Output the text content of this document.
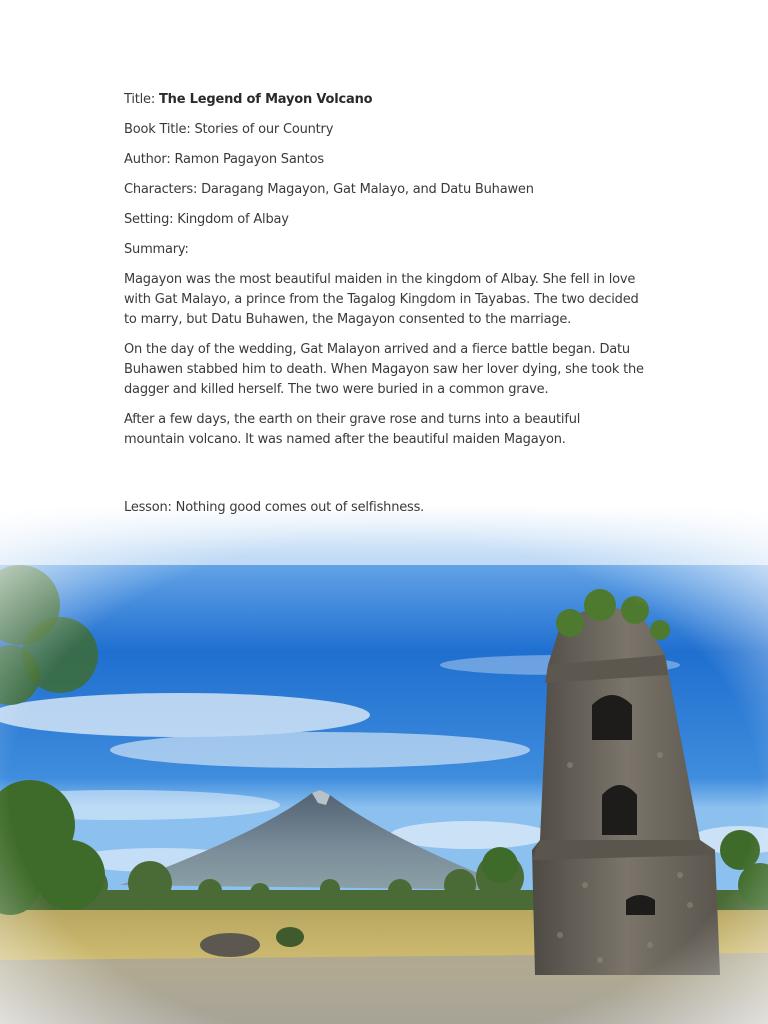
Title: The Legend of Mayon Volcano
Book Title: Stories of our Country
Author: Ramon Pagayon Santos
Characters: Daragang Magayon, Gat Malayo, and Datu Buhawen
Setting: Kingdom of Albay
Summary:

Magayon was the most beautiful maiden in the kingdom of Albay. She fell in love with Gat Malayo, a prince from the Tagalog Kingdom in Tayabas. The two decided to marry, but Datu Buhawen, the Magayon consented to the marriage.

On the day of the wedding, Gat Malayon arrived and a fierce battle began. Datu Buhawen stabbed him to death. When Magayon saw her lover dying, she took the dagger and killed herself. The two were buried in a common grave.

After a few days, the earth on their grave rose and turns into a beautiful mountain volcano. It was named after the beautiful maiden Magayon.

Lesson: Nothing good comes out of selfishness.
